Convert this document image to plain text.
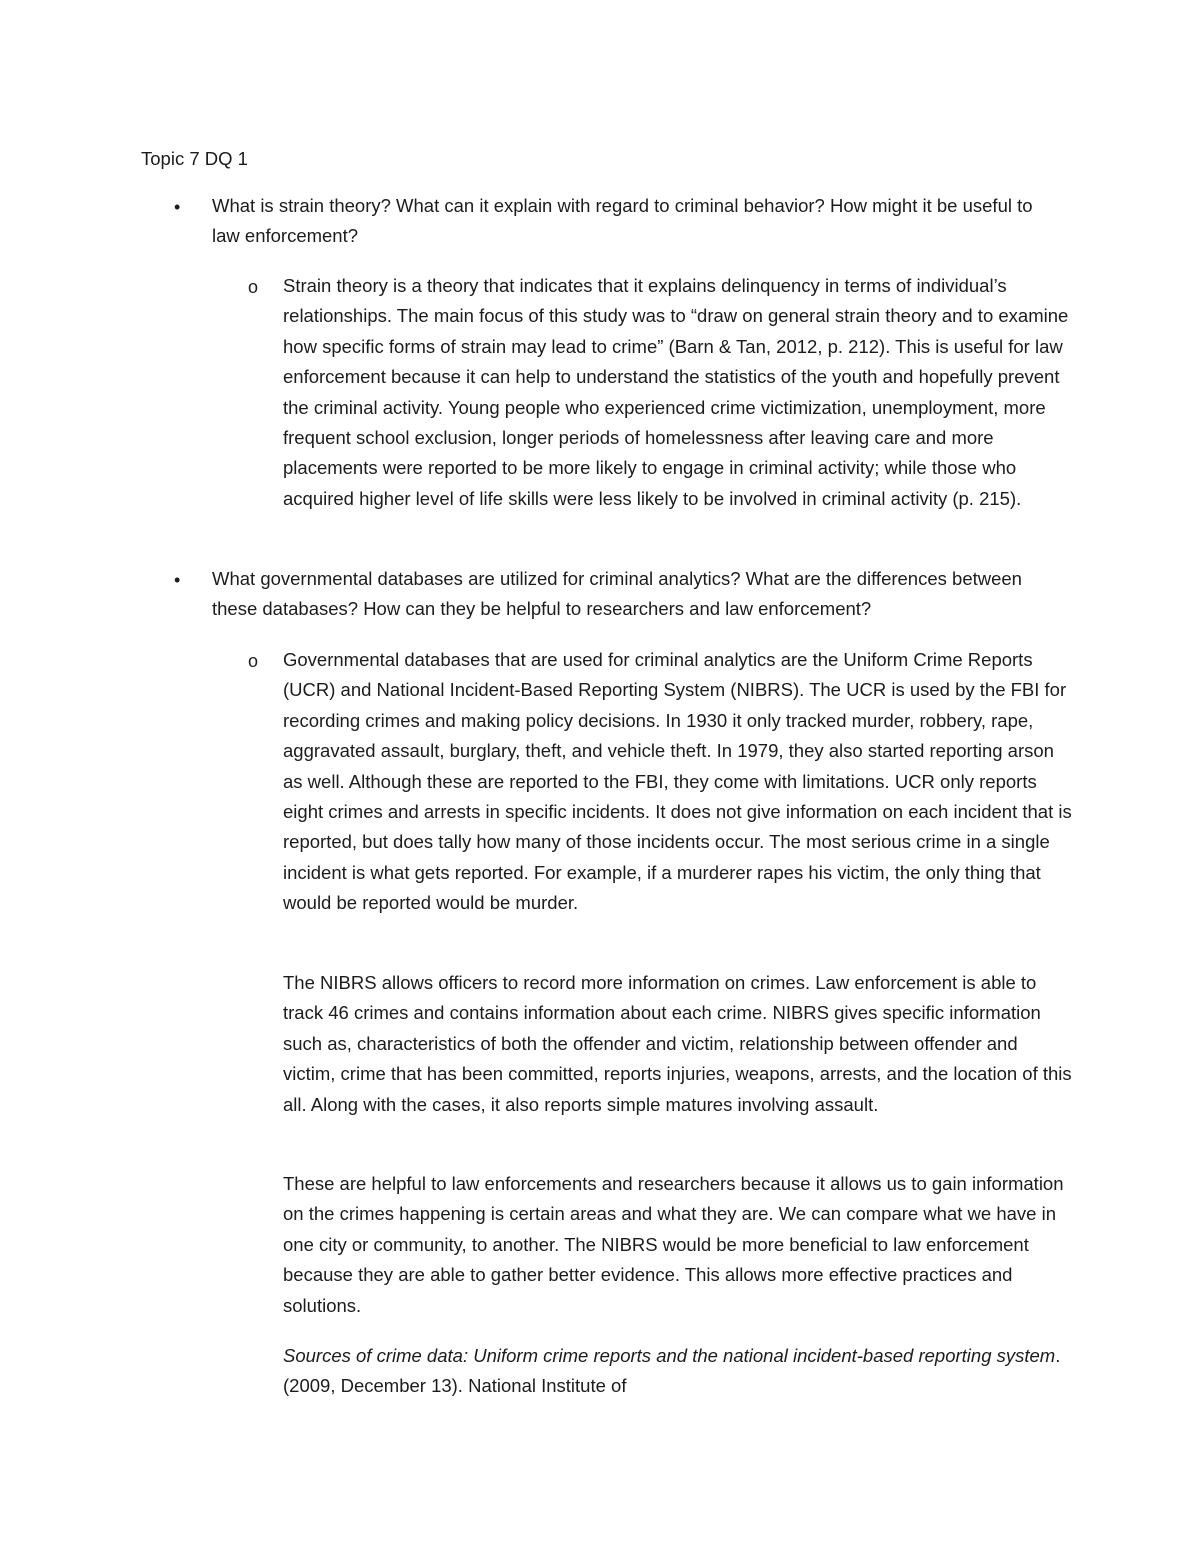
Topic 7 DQ 1
• What is strain theory? What can it explain with regard to criminal behavior? How might it be useful to law enforcement?

o Strain theory is a theory that indicates that it explains delinquency in terms of individual’s relationships. The main focus of this study was to “draw on general strain theory and to examine how specific forms of strain may lead to crime” (Barn & Tan, 2012, p. 212). This is useful for law enforcement because it can help to understand the statistics of the youth and hopefully prevent the criminal activity. Young people who experienced crime victimization, unemployment, more frequent school exclusion, longer periods of homelessness after leaving care and more placements were reported to be more likely to engage in criminal activity; while those who acquired higher level of life skills were less likely to be involved in criminal activity (p. 215).

• What governmental databases are utilized for criminal analytics? What are the differences between these databases? How can they be helpful to researchers and law enforcement?

o Governmental databases that are used for criminal analytics are the Uniform Crime Reports (UCR) and National Incident-Based Reporting System (NIBRS). The UCR is used by the FBI for recording crimes and making policy decisions. In 1930 it only tracked murder, robbery, rape, aggravated assault, burglary, theft, and vehicle theft. In 1979, they also started reporting arson as well. Although these are reported to the FBI, they come with limitations. UCR only reports eight crimes and arrests in specific incidents. It does not give information on each incident that is reported, but does tally how many of those incidents occur. The most serious crime in a single incident is what gets reported. For example, if a murderer rapes his victim, the only thing that would be reported would be murder.

The NIBRS allows officers to record more information on crimes. Law enforcement is able to track 46 crimes and contains information about each crime. NIBRS gives specific information such as, characteristics of both the offender and victim, relationship between offender and victim, crime that has been committed, reports injuries, weapons, arrests, and the location of this all. Along with the cases, it also reports simple matures involving assault.

These are helpful to law enforcements and researchers because it allows us to gain information on the crimes happening is certain areas and what they are. We can compare what we have in one city or community, to another. The NIBRS would be more beneficial to law enforcement because they are able to gather better evidence. This allows more effective practices and solutions.

Sources of crime data: Uniform crime reports and the national incident-based reporting system. (2009, December 13). National Institute of
